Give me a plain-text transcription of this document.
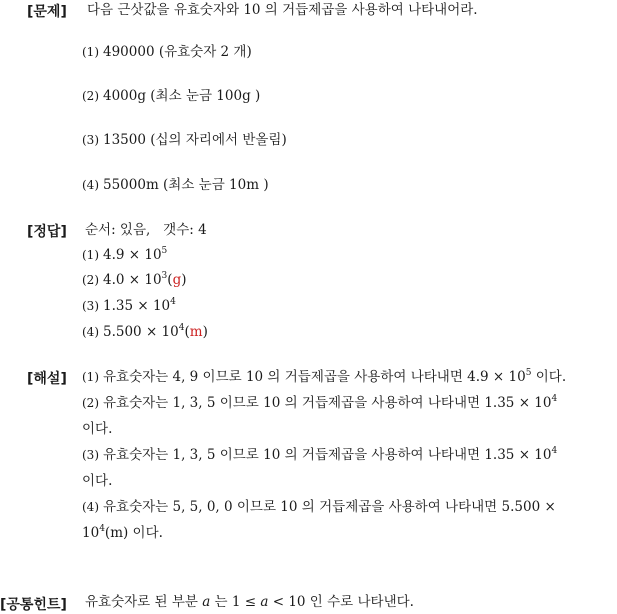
[문제] 다음 근삿값을 유효숫자와 10 의 거듭제곱을 사용하여 나타내어라.
(1) 490000 (유효숫자 2 개)
(2) 4000g (최소 눈금 100g )
(3) 13500 (십의 자리에서 반올림)
(4) 55000m (최소 눈금 10m )
[정답] 순서: 있음,   갯수: 4
(1) $4.9 \times 10^5$
(2) $4.0 \times 10^3(g)$
(3) $1.35 \times 10^4$
(4) $5.500 \times 10^4(m)$
[해설] (1) 유효숫자는 4, 9 이므로 10 의 거듭제곱을 사용하여 나타내면 $4.9 \times 10^5$ 이다.
(2) 유효숫자는 1, 3, 5 이므로 10 의 거듭제곱을 사용하여 나타내면 $1.35 \times 10^4$
이다.
(3) 유효숫자는 1, 3, 5 이므로 10 의 거듭제곱을 사용하여 나타내면 $1.35 \times 10^4$
이다.
(4) 유효숫자는 5, 5, 0, 0 이므로 10 의 거듭제곱을 사용하여 나타내면 5.500 ×
$10^4(m)$ 이다.
[공통힌트] 유효숫자로 된 부분 a 는 1 ≤ a < 10 인 수로 나타낸다.
